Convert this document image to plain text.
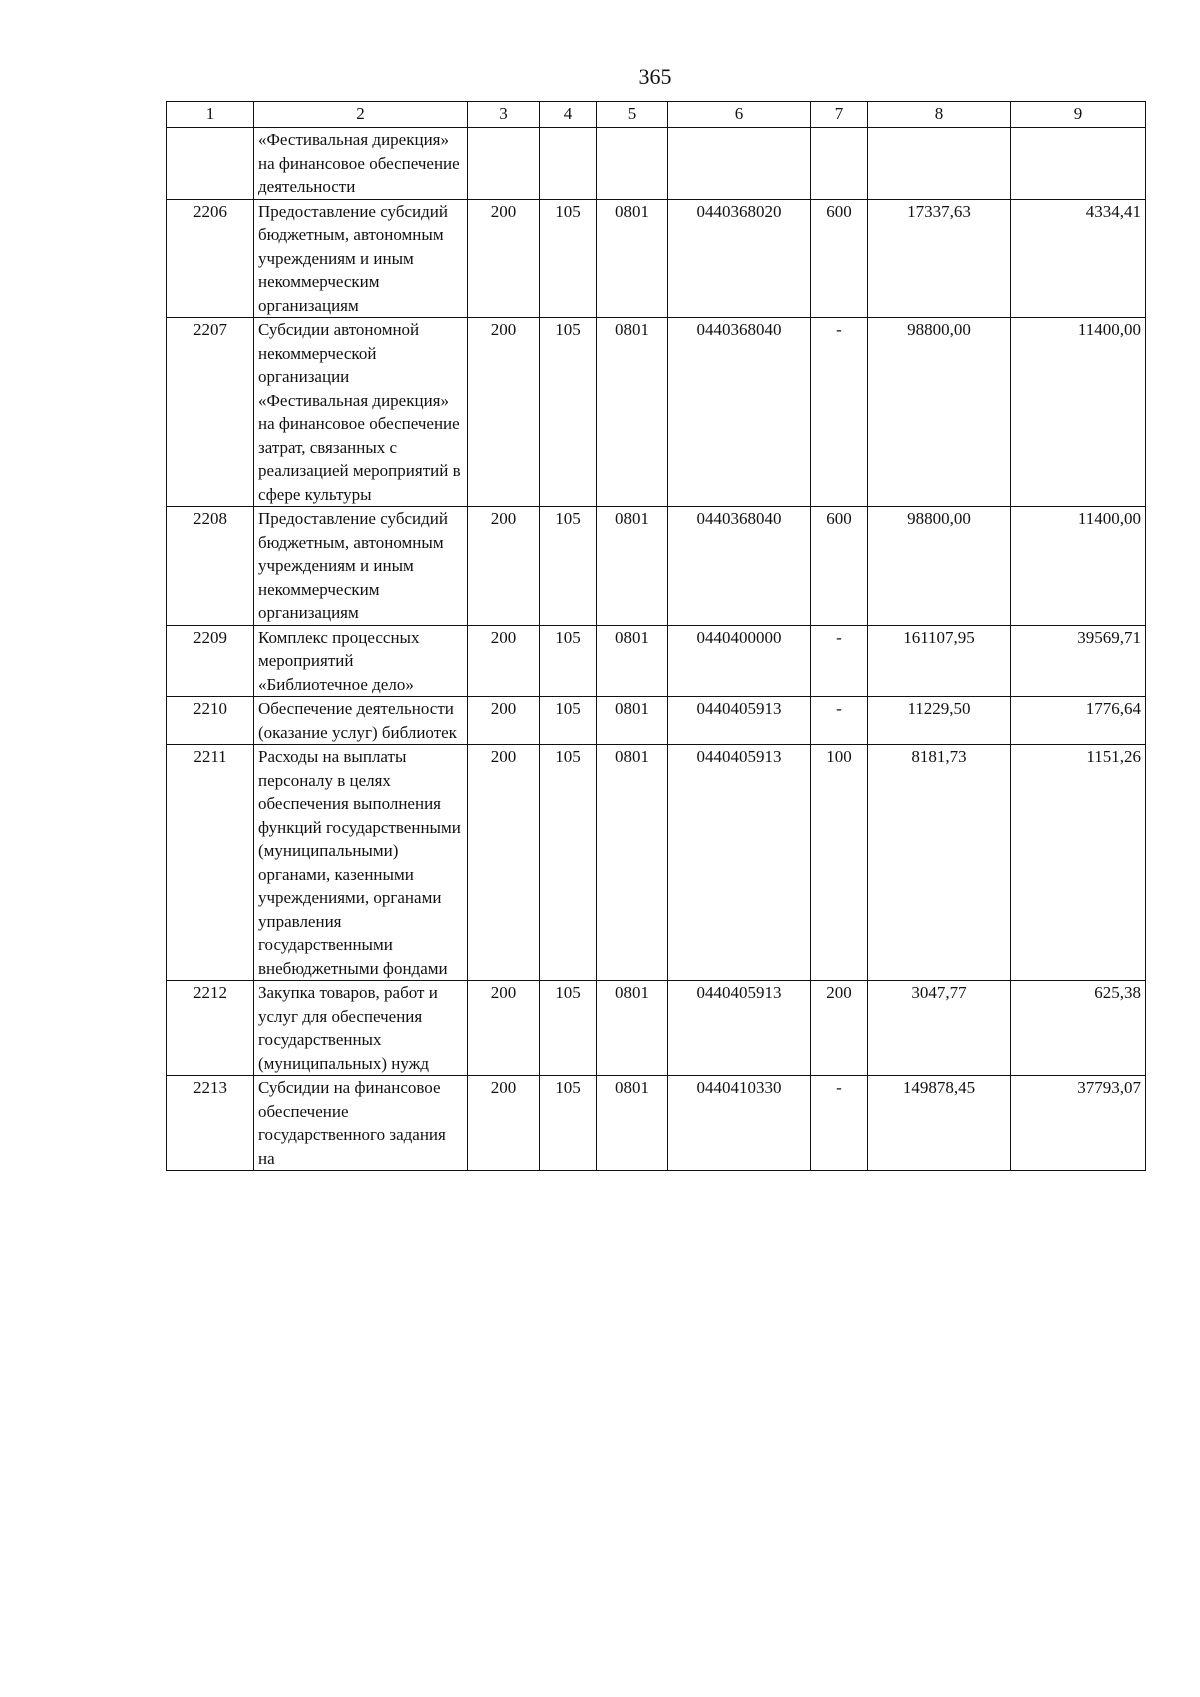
365
1	2	3	4	5	6	7	8	9
	«Фестивальная дирекция» на финансовое обеспечение деятельности							
2206	Предоставление субсидий бюджетным, автономным учреждениям и иным некоммерческим организациям	200	105	0801	0440368020	600	17337,63	4334,41
2207	Субсидии автономной некоммерческой организации «Фестивальная дирекция» на финансовое обеспечение затрат, связанных с реализацией мероприятий в сфере культуры	200	105	0801	0440368040	-	98800,00	11400,00
2208	Предоставление субсидий бюджетным, автономным учреждениям и иным некоммерческим организациям	200	105	0801	0440368040	600	98800,00	11400,00
2209	Комплекс процессных мероприятий «Библиотечное дело»	200	105	0801	0440400000	-	161107,95	39569,71
2210	Обеспечение деятельности (оказание услуг) библиотек	200	105	0801	0440405913	-	11229,50	1776,64
2211	Расходы на выплаты персоналу в целях обеспечения выполнения функций государственными (муниципальными) органами, казенными учреждениями, органами управления государственными внебюджетными фондами	200	105	0801	0440405913	100	8181,73	1151,26
2212	Закупка товаров, работ и услуг для обеспечения государственных (муниципальных) нужд	200	105	0801	0440405913	200	3047,77	625,38
2213	Субсидии на финансовое обеспечение государственного задания на	200	105	0801	0440410330	-	149878,45	37793,07
